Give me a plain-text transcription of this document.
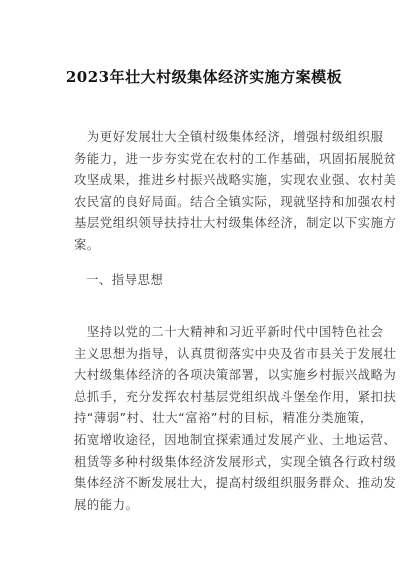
2023年壮大村级集体经济实施方案模板
　为更好发展壮大全镇村级集体经济，增强村级组织服
务能力，进一步夯实党在农村的工作基础，巩固拓展脱贫
攻坚成果，推进乡村振兴战略实施，实现农业强、农村美
农民富的良好局面。结合全镇实际，现就坚持和加强农村
基层党组织领导扶持壮大村级集体经济，制定以下实施方
案。
一、指导思想
　坚持以党的二十大精神和习近平新时代中国特色社会
主义思想为指导，认真贯彻落实中央及省市县关于发展壮
大村级集体经济的各项决策部署，以实施乡村振兴战略为
总抓手，充分发挥农村基层党组织战斗堡垒作用，紧扣扶
持“薄弱”村、壮大“富裕”村的目标，精准分类施策，
拓宽增收途径，因地制宜探索通过发展产业、土地运营、
租赁等多种村级集体经济发展形式，实现全镇各行政村级
集体经济不断发展壮大，提高村级组织服务群众、推动发
展的能力。
